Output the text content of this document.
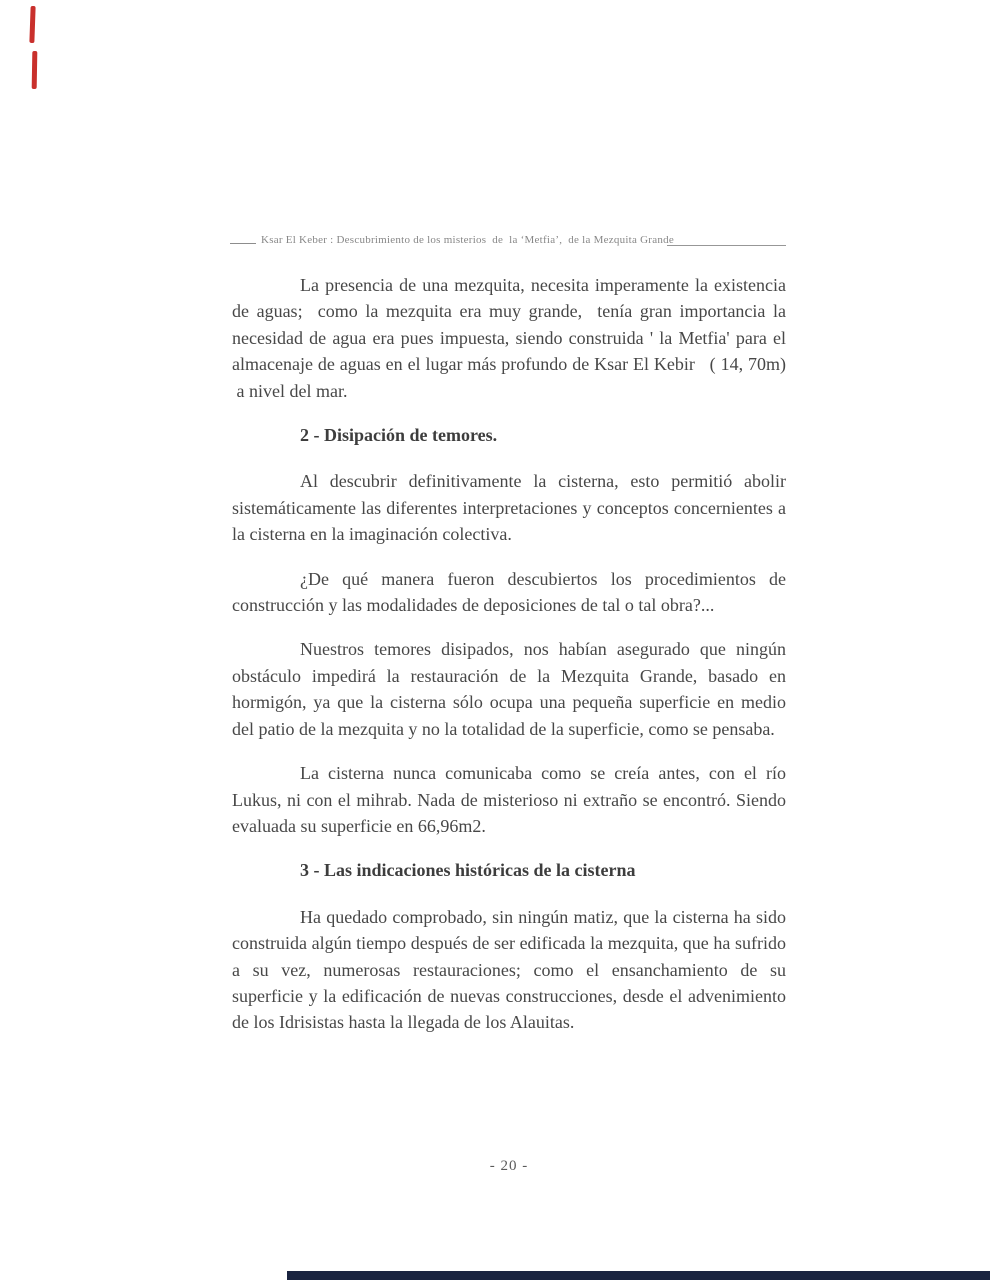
Ksar El Keber : Descubrimiento de los misterios  de  la ‘Metfia’,  de la Mezquita Grande

La presencia de una mezquita, necesita imperamente la existencia de aguas;  como la mezquita era muy grande,  tenía gran importancia la necesidad de agua era pues impuesta, siendo construida ' la Metfia' para el almacenaje de aguas en el lugar más profundo de Ksar El Kebir   ( 14, 70m)  a nivel del mar.

2 - Disipación de temores.

Al descubrir definitivamente la cisterna, esto permitió abolir sistemáticamente las diferentes interpretaciones y conceptos concernientes a la cisterna en la imaginación colectiva.

¿De qué manera fueron descubiertos los procedimientos de construcción y las modalidades de deposiciones de tal o tal obra?...

Nuestros temores disipados, nos habían asegurado que ningún obstáculo impedirá la restauración de la Mezquita Grande, basado en hormigón, ya que la cisterna sólo ocupa una pequeña superficie en medio del patio de la mezquita y no la totalidad de la superficie, como se pensaba.

La cisterna nunca comunicaba como se creía antes, con el río Lukus, ni con el mihrab. Nada de misterioso ni extraño se encontró. Siendo evaluada su superficie en 66,96m2.

3 - Las indicaciones históricas de la cisterna

Ha quedado comprobado, sin ningún matiz, que la cisterna ha sido construida algún tiempo después de ser edificada la mezquita, que ha sufrido a su vez, numerosas restauraciones; como el ensanchamiento de su superficie y la edificación de nuevas construcciones, desde el advenimiento de los Idrisistas hasta la llegada de los Alauitas.

- 20 -
